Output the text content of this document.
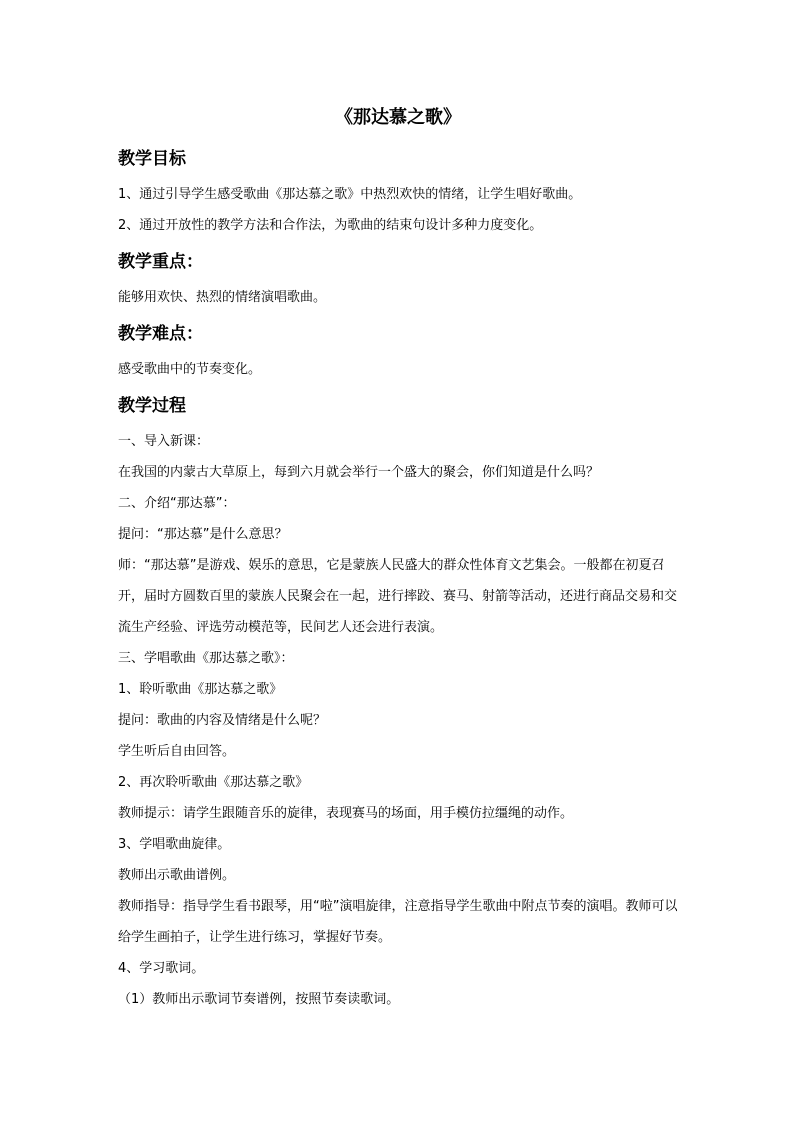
《那达慕之歌》
教学目标
1、通过引导学生感受歌曲《那达慕之歌》中热烈欢快的情绪，让学生唱好歌曲。
2、通过开放性的教学方法和合作法，为歌曲的结束句设计多种力度变化。
教学重点：
能够用欢快、热烈的情绪演唱歌曲。
教学难点：
感受歌曲中的节奏变化。
教学过程
一、导入新课：
在我国的内蒙古大草原上，每到六月就会举行一个盛大的聚会，你们知道是什么吗？
二、介绍“那达慕”：
提问：“那达慕”是什么意思？
师：“那达慕”是游戏、娱乐的意思，它是蒙族人民盛大的群众性体育文艺集会。一般都在初夏召开，届时方圆数百里的蒙族人民聚会在一起，进行摔跤、赛马、射箭等活动，还进行商品交易和交流生产经验、评选劳动模范等，民间艺人还会进行表演。
三、学唱歌曲《那达慕之歌》：
1、聆听歌曲《那达慕之歌》
提问：歌曲的内容及情绪是什么呢？
学生听后自由回答。
2、再次聆听歌曲《那达慕之歌》
教师提示：请学生跟随音乐的旋律，表现赛马的场面，用手模仿拉缰绳的动作。
3、学唱歌曲旋律。
教师出示歌曲谱例。
教师指导：指导学生看书跟琴，用“啦”演唱旋律，注意指导学生歌曲中附点节奏的演唱。教师可以给学生画拍子，让学生进行练习，掌握好节奏。
4、学习歌词。
（1）教师出示歌词节奏谱例，按照节奏读歌词。
